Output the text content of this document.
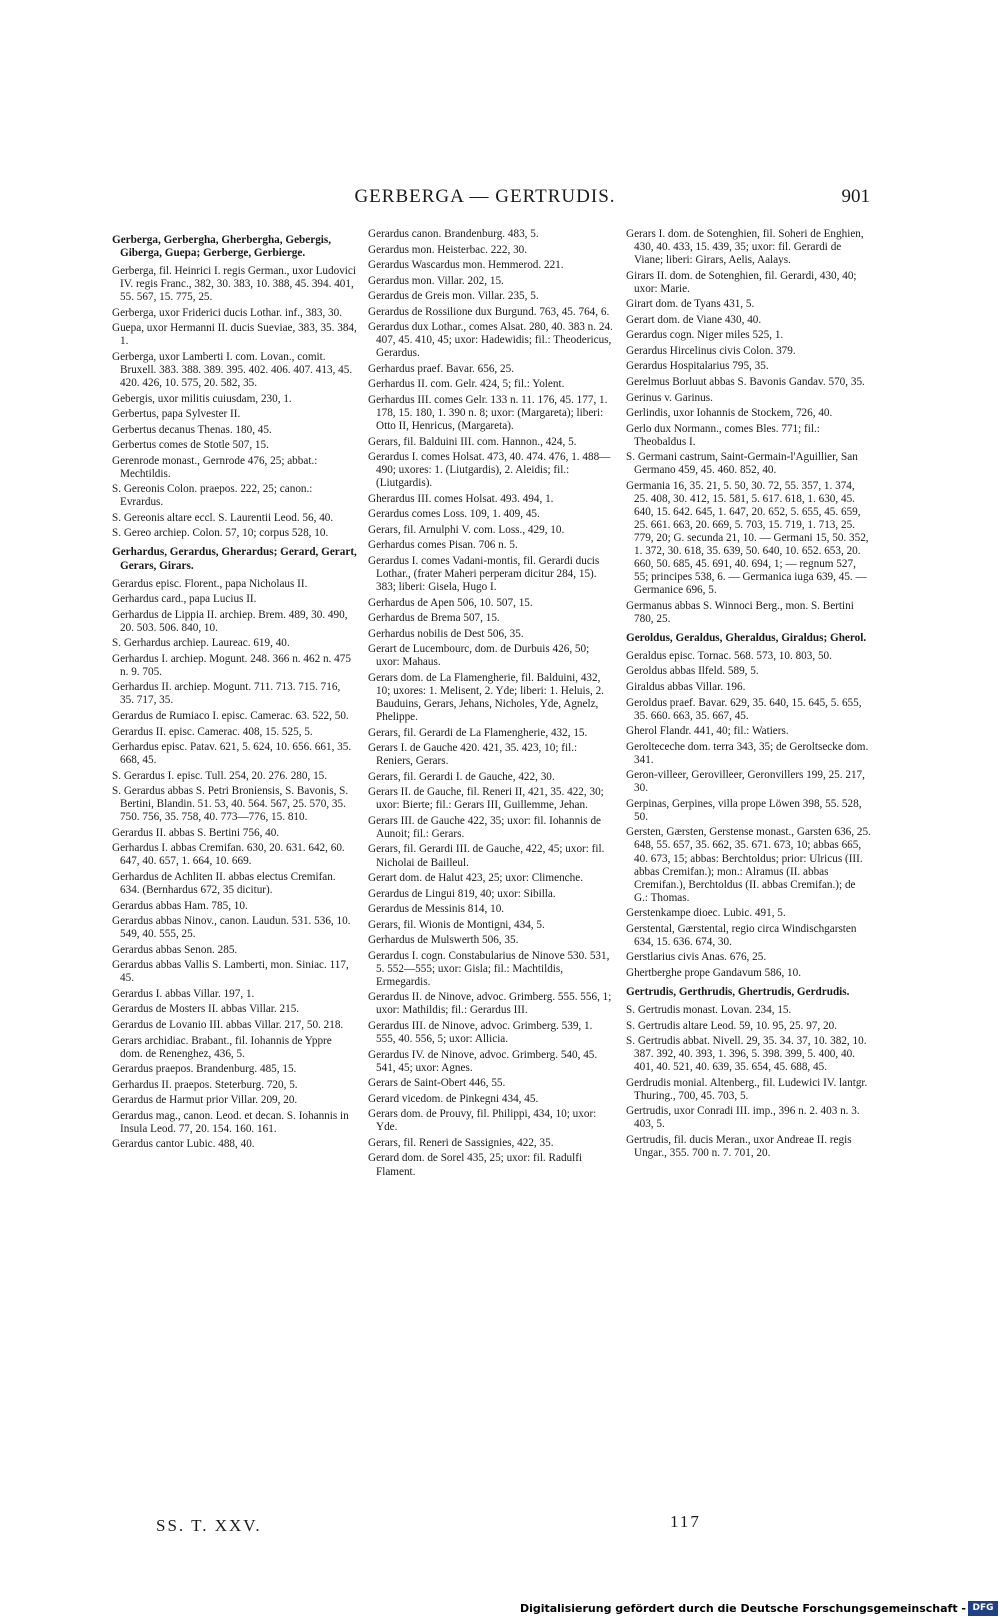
GERBERGA — GERTRUDIS.	901
Gerberga, Gerbergha, Gherbergha, Gebergis, Giberga, Guepa; Gerberge, Gerbierge.
Gerberga, fil. Heinrici I. regis German., uxor Ludovici IV. regis Franc., 382, 30. 383, 10. 388, 45. 394. 401, 55. 567, 15. 775, 25.
Gerberga, uxor Friderici ducis Lothar. inf., 383, 30.
Guepa, uxor Hermanni II. ducis Sueviae, 383, 35. 384, 1.
Gerberga, uxor Lamberti I. com. Lovan., comit. Bruxell. 383. 388. 389. 395. 402. 406. 407. 413, 45. 420. 426, 10. 575, 20. 582, 35.
Gebergis, uxor militis cuiusdam, 230, 1.
Gerbertus, papa Sylvester II.
Gerbertus decanus Thenas. 180, 45.
Gerbertus comes de Stotle 507, 15.
Gerenrode monast., Gernrode 476, 25; abbat.: Mechtildis.
S. Gereonis Colon. praepos. 222, 25; canon.: Evrardus.
S. Gereonis altare eccl. S. Laurentii Leod. 56, 40.
S. Gereo archiep. Colon. 57, 10; corpus 528, 10.
Gerhardus, Gerardus, Gherardus; Gerard, Gerart, Gerars, Girars.
Gerardus episc. Florent., papa Nicholaus II.
Gerhardus card., papa Lucius II.
Gerhardus de Lippia II. archiep. Brem. 489, 30. 490, 20. 503. 506. 840, 10.
S. Gerhardus archiep. Laureac. 619, 40.
Gerhardus I. archiep. Mogunt. 248. 366 n. 462 n. 475 n. 9. 705.
Gerhardus II. archiep. Mogunt. 711. 713. 715. 716, 35. 717, 35.
Gerardus de Rumiaco I. episc. Camerac. 63. 522, 50.
Gerardus II. episc. Camerac. 408, 15. 525, 5.
Gerhardus episc. Patav. 621, 5. 624, 10. 656. 661, 35. 668, 45.
S. Gerardus I. episc. Tull. 254, 20. 276. 280, 15.
S. Gerardus abbas S. Petri Broniensis, S. Bavonis, S. Bertini, Blandin. 51. 53, 40. 564. 567, 25. 570, 35. 750. 756, 35. 758, 40. 773—776, 15. 810.
Gerardus II. abbas S. Bertini 756, 40.
Gerhardus I. abbas Cremifan. 630, 20. 631. 642, 60. 647, 40. 657, 1. 664, 10. 669.
Gerhardus de Achliten II. abbas electus Cremifan. 634. (Bernhardus 672, 35 dicitur).
Gerardus abbas Ham. 785, 10.
Gerardus abbas Ninov., canon. Laudun. 531. 536, 10. 549, 40. 555, 25.
Gerardus abbas Senon. 285.
Gerardus abbas Vallis S. Lamberti, mon. Siniac. 117, 45.
Gerardus I. abbas Villar. 197, 1.
Gerardus de Mosters II. abbas Villar. 215.
Gerardus de Lovanio III. abbas Villar. 217, 50. 218.
Gerars archidiac. Brabant., fil. Iohannis de Yppre dom. de Renenghez, 436, 5.
Gerardus praepos. Brandenburg. 485, 15.
Gerhardus II. praepos. Steterburg. 720, 5.
Gerardus de Harmut prior Villar. 209, 20.
Gerardus mag., canon. Leod. et decan. S. Iohannis in Insula Leod. 77, 20. 154. 160. 161.
Gerardus cantor Lubic. 488, 40.
Gerardus canon. Brandenburg. 483, 5.
Gerardus mon. Heisterbac. 222, 30.
Gerardus Wascardus mon. Hemmerod. 221.
Gerardus mon. Villar. 202, 15.
Gerardus de Greis mon. Villar. 235, 5.
Gerardus de Rossilione dux Burgund. 763, 45. 764, 6.
Gerardus dux Lothar., comes Alsat. 280, 40. 383 n. 24. 407, 45. 410, 45; uxor: Hadewidis; fil.: Theodericus, Gerardus.
Gerhardus praef. Bavar. 656, 25.
Gerhardus II. com. Gelr. 424, 5; fil.: Yolent.
Gerhardus III. comes Gelr. 133 n. 11. 176, 45. 177, 1. 178, 15. 180, 1. 390 n. 8; uxor: (Margareta); liberi: Otto II, Henricus, (Margareta).
Gerars, fil. Balduini III. com. Hannon., 424, 5.
Gerardus I. comes Holsat. 473, 40. 474. 476, 1. 488—490; uxores: 1. (Liutgardis), 2. Aleidis; fil.: (Liutgardis).
Gherardus III. comes Holsat. 493. 494, 1.
Gerardus comes Loss. 109, 1. 409, 45.
Gerars, fil. Arnulphi V. com. Loss., 429, 10.
Gerhardus comes Pisan. 706 n. 5.
Gerardus I. comes Vadani-montis, fil. Gerardi ducis Lothar., (frater Maheri perperam dicitur 284, 15). 383; liberi: Gisela, Hugo I.
Gerhardus de Apen 506, 10. 507, 15.
Gerhardus de Brema 507, 15.
Gerhardus nobilis de Dest 506, 35.
Gerart de Lucembourc, dom. de Durbuis 426, 50; uxor: Mahaus.
Gerars dom. de La Flamengherie, fil. Balduini, 432, 10; uxores: 1. Melisent, 2. Yde; liberi: 1. Heluis, 2. Bauduins, Gerars, Jehans, Nicholes, Yde, Agnelz, Phelippe.
Gerars, fil. Gerardi de La Flamengherie, 432, 15.
Gerars I. de Gauche 420. 421, 35. 423, 10; fil.: Reniers, Gerars.
Gerars, fil. Gerardi I. de Gauche, 422, 30.
Gerars II. de Gauche, fil. Reneri II, 421, 35. 422, 30; uxor: Bierte; fil.: Gerars III, Guillemme, Jehan.
Gerars III. de Gauche 422, 35; uxor: fil. Iohannis de Aunoit; fil.: Gerars.
Gerars, fil. Gerardi III. de Gauche, 422, 45; uxor: fil. Nicholai de Bailleul.
Gerart dom. de Halut 423, 25; uxor: Climenche.
Gerardus de Lingui 819, 40; uxor: Sibilla.
Gerardus de Messinis 814, 10.
Gerars, fil. Wionis de Montigni, 434, 5.
Gerhardus de Mulswerth 506, 35.
Gerardus I. cogn. Constabularius de Ninove 530. 531, 5. 552—555; uxor: Gisla; fil.: Machtildis, Ermegardis.
Gerardus II. de Ninove, advoc. Grimberg. 555. 556, 1; uxor: Mathildis; fil.: Gerardus III.
Gerardus III. de Ninove, advoc. Grimberg. 539, 1. 555, 40. 556, 5; uxor: Allicia.
Gerardus IV. de Ninove, advoc. Grimberg. 540, 45. 541, 45; uxor: Agnes.
Gerars de Saint-Obert 446, 55.
Gerard vicedom. de Pinkegni 434, 45.
Gerars dom. de Prouvy, fil. Philippi, 434, 10; uxor: Yde.
Gerars, fil. Reneri de Sassignies, 422, 35.
Gerard dom. de Sorel 435, 25; uxor: fil. Radulfi Flament.
Gerars I. dom. de Sotenghien, fil. Soheri de Enghien, 430, 40. 433, 15. 439, 35; uxor: fil. Gerardi de Viane; liberi: Girars, Aelis, Aalays.
Girars II. dom. de Sotenghien, fil. Gerardi, 430, 40; uxor: Marie.
Girart dom. de Tyans 431, 5.
Gerart dom. de Viane 430, 40.
Gerardus cogn. Niger miles 525, 1.
Gerardus Hircelinus civis Colon. 379.
Gerardus Hospitalarius 795, 35.
Gerelmus Borluut abbas S. Bavonis Gandav. 570, 35.
Gerinus v. Garinus.
Gerlindis, uxor Iohannis de Stockem, 726, 40.
Gerlo dux Normann., comes Bles. 771; fil.: Theobaldus I.
S. Germani castrum, Saint-Germain-l'Aguillier, San Germano 459, 45. 460. 852, 40.
Germania 16, 35. 21, 5. 50, 30. 72, 55. 357, 1. 374, 25. 408, 30. 412, 15. 581, 5. 617. 618, 1. 630, 45. 640, 15. 642. 645, 1. 647, 20. 652, 5. 655, 45. 659, 25. 661. 663, 20. 669, 5. 703, 15. 719, 1. 713, 25. 779, 20; G. secunda 21, 10. — Germani 15, 50. 352, 1. 372, 30. 618, 35. 639, 50. 640, 10. 652. 653, 20. 660, 50. 685, 45. 691, 40. 694, 1; — regnum 527, 55; principes 538, 6. — Germanica iuga 639, 45. — Germanice 696, 5.
Germanus abbas S. Winnoci Berg., mon. S. Bertini 780, 25.
Geroldus, Geraldus, Gheraldus, Giraldus; Gherol.
Geraldus episc. Tornac. 568. 573, 10. 803, 50.
Geroldus abbas Ilfeld. 589, 5.
Giraldus abbas Villar. 196.
Geroldus praef. Bavar. 629, 35. 640, 15. 645, 5. 655, 35. 660. 663, 35. 667, 45.
Gherol Flandr. 441, 40; fil.: Watiers.
Gerolteceche dom. terra 343, 35; de Geroltsecke dom. 341.
Geron-villeer, Gerovilleer, Geronvillers 199, 25. 217, 30.
Gerpinas, Gerpines, villa prope Löwen 398, 55. 528, 50.
Gersten, Gærsten, Gerstense monast., Garsten 636, 25. 648, 55. 657, 35. 662, 35. 671. 673, 10; abbas 665, 40. 673, 15; abbas: Berchtoldus; prior: Ulricus (III. abbas Cremifan.); mon.: Alramus (II. abbas Cremifan.), Berchtoldus (II. abbas Cremifan.); de G.: Thomas.
Gerstenkampe dioec. Lubic. 491, 5.
Gerstental, Gærstental, regio circa Windischgarsten 634, 15. 636. 674, 30.
Gerstlarius civis Anas. 676, 25.
Ghertberghe prope Gandavum 586, 10.
Gertrudis, Gerthrudis, Ghertrudis, Gerdrudis.
S. Gertrudis monast. Lovan. 234, 15.
S. Gertrudis altare Leod. 59, 10. 95, 25. 97, 20.
S. Gertrudis abbat. Nivell. 29, 35. 34. 37, 10. 382, 10. 387. 392, 40. 393, 1. 396, 5. 398. 399, 5. 400, 40. 401, 40. 521, 40. 639, 35. 654, 45. 688, 45.
Gerdrudis monial. Altenberg., fil. Ludewici IV. lantgr. Thuring., 700, 45. 703, 5.
Gertrudis, uxor Conradi III. imp., 396 n. 2. 403 n. 3. 403, 5.
Gertrudis, fil. ducis Meran., uxor Andreae II. regis Ungar., 355. 700 n. 7. 701, 20.
SS. T. XXV.	117
Digitalisierung gefördert durch die Deutsche Forschungsgemeinschaft - DFG
